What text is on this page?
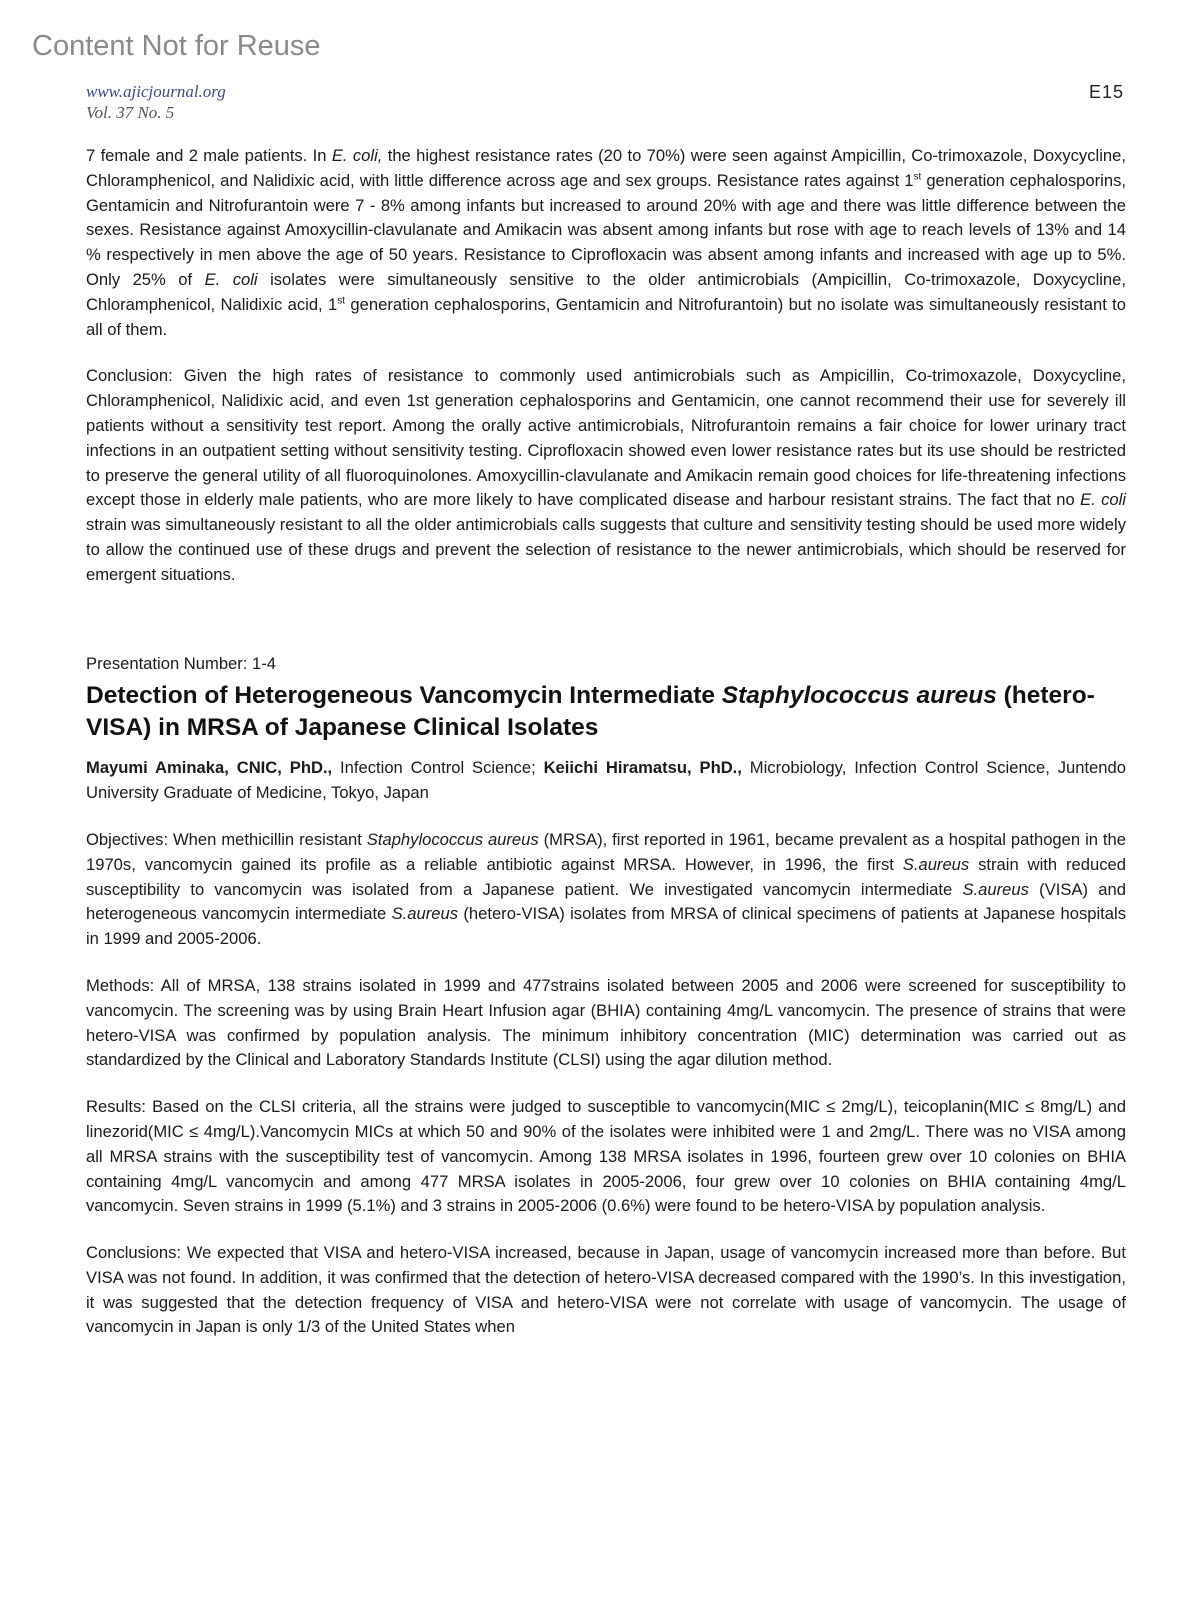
Content Not for Reuse
www.ajicjournal.org
Vol. 37 No. 5
E15

7 female and 2 male patients. In E. coli, the highest resistance rates (20 to 70%) were seen against Ampicillin, Co-trimoxazole, Doxycycline, Chloramphenicol, and Nalidixic acid, with little difference across age and sex groups. Resistance rates against 1st generation cephalosporins, Gentamicin and Nitrofurantoin were 7 - 8% among infants but increased to around 20% with age and there was little difference between the sexes. Resistance against Amoxycillin-clavulanate and Amikacin was absent among infants but rose with age to reach levels of 13% and 14 % respectively in men above the age of 50 years. Resistance to Ciprofloxacin was absent among infants and increased with age up to 5%. Only 25% of E. coli isolates were simultaneously sensitive to the older antimicrobials (Ampicillin, Co-trimoxazole, Doxycycline, Chloramphenicol, Nalidixic acid, 1st generation cephalosporins, Gentamicin and Nitrofurantoin) but no isolate was simultaneously resistant to all of them.

Conclusion: Given the high rates of resistance to commonly used antimicrobials such as Ampicillin, Co-trimoxazole, Doxycycline, Chloramphenicol, Nalidixic acid, and even 1st generation cephalosporins and Gentamicin, one cannot recommend their use for severely ill patients without a sensitivity test report. Among the orally active antimicrobials, Nitrofurantoin remains a fair choice for lower urinary tract infections in an outpatient setting without sensitivity testing. Ciprofloxacin showed even lower resistance rates but its use should be restricted to preserve the general utility of all fluoroquinolones. Amoxycillin-clavulanate and Amikacin remain good choices for life-threatening infections except those in elderly male patients, who are more likely to have complicated disease and harbour resistant strains. The fact that no E. coli strain was simultaneously resistant to all the older antimicrobials calls suggests that culture and sensitivity testing should be used more widely to allow the continued use of these drugs and prevent the selection of resistance to the newer antimicrobials, which should be reserved for emergent situations.

Presentation Number: 1-4

Detection of Heterogeneous Vancomycin Intermediate Staphylococcus aureus (hetero-VISA) in MRSA of Japanese Clinical Isolates

Mayumi Aminaka, CNIC, PhD., Infection Control Science; Keiichi Hiramatsu, PhD., Microbiology, Infection Control Science, Juntendo University Graduate of Medicine, Tokyo, Japan

Objectives: When methicillin resistant Staphylococcus aureus (MRSA), first reported in 1961, became prevalent as a hospital pathogen in the 1970s, vancomycin gained its profile as a reliable antibiotic against MRSA. However, in 1996, the first S.aureus strain with reduced susceptibility to vancomycin was isolated from a Japanese patient. We investigated vancomycin intermediate S.aureus (VISA) and heterogeneous vancomycin intermediate S.aureus (hetero-VISA) isolates from MRSA of clinical specimens of patients at Japanese hospitals in 1999 and 2005-2006.

Methods: All of MRSA, 138 strains isolated in 1999 and 477strains isolated between 2005 and 2006 were screened for susceptibility to vancomycin. The screening was by using Brain Heart Infusion agar (BHIA) containing 4mg/L vancomycin. The presence of strains that were hetero-VISA was confirmed by population analysis. The minimum inhibitory concentration (MIC) determination was carried out as standardized by the Clinical and Laboratory Standards Institute (CLSI) using the agar dilution method.

Results: Based on the CLSI criteria, all the strains were judged to susceptible to vancomycin(MIC ≤ 2mg/L), teicoplanin(MIC ≤ 8mg/L) and linezorid(MIC ≤ 4mg/L).Vancomycin MICs at which 50 and 90% of the isolates were inhibited were 1 and 2mg/L. There was no VISA among all MRSA strains with the susceptibility test of vancomycin. Among 138 MRSA isolates in 1996, fourteen grew over 10 colonies on BHIA containing 4mg/L vancomycin and among 477 MRSA isolates in 2005-2006, four grew over 10 colonies on BHIA containing 4mg/L vancomycin. Seven strains in 1999 (5.1%) and 3 strains in 2005-2006 (0.6%) were found to be hetero-VISA by population analysis.

Conclusions: We expected that VISA and hetero-VISA increased, because in Japan, usage of vancomycin increased more than before. But VISA was not found. In addition, it was confirmed that the detection of hetero-VISA decreased compared with the 1990’s. In this investigation, it was suggested that the detection frequency of VISA and hetero-VISA were not correlate with usage of vancomycin. The usage of vancomycin in Japan is only 1/3 of the United States when
